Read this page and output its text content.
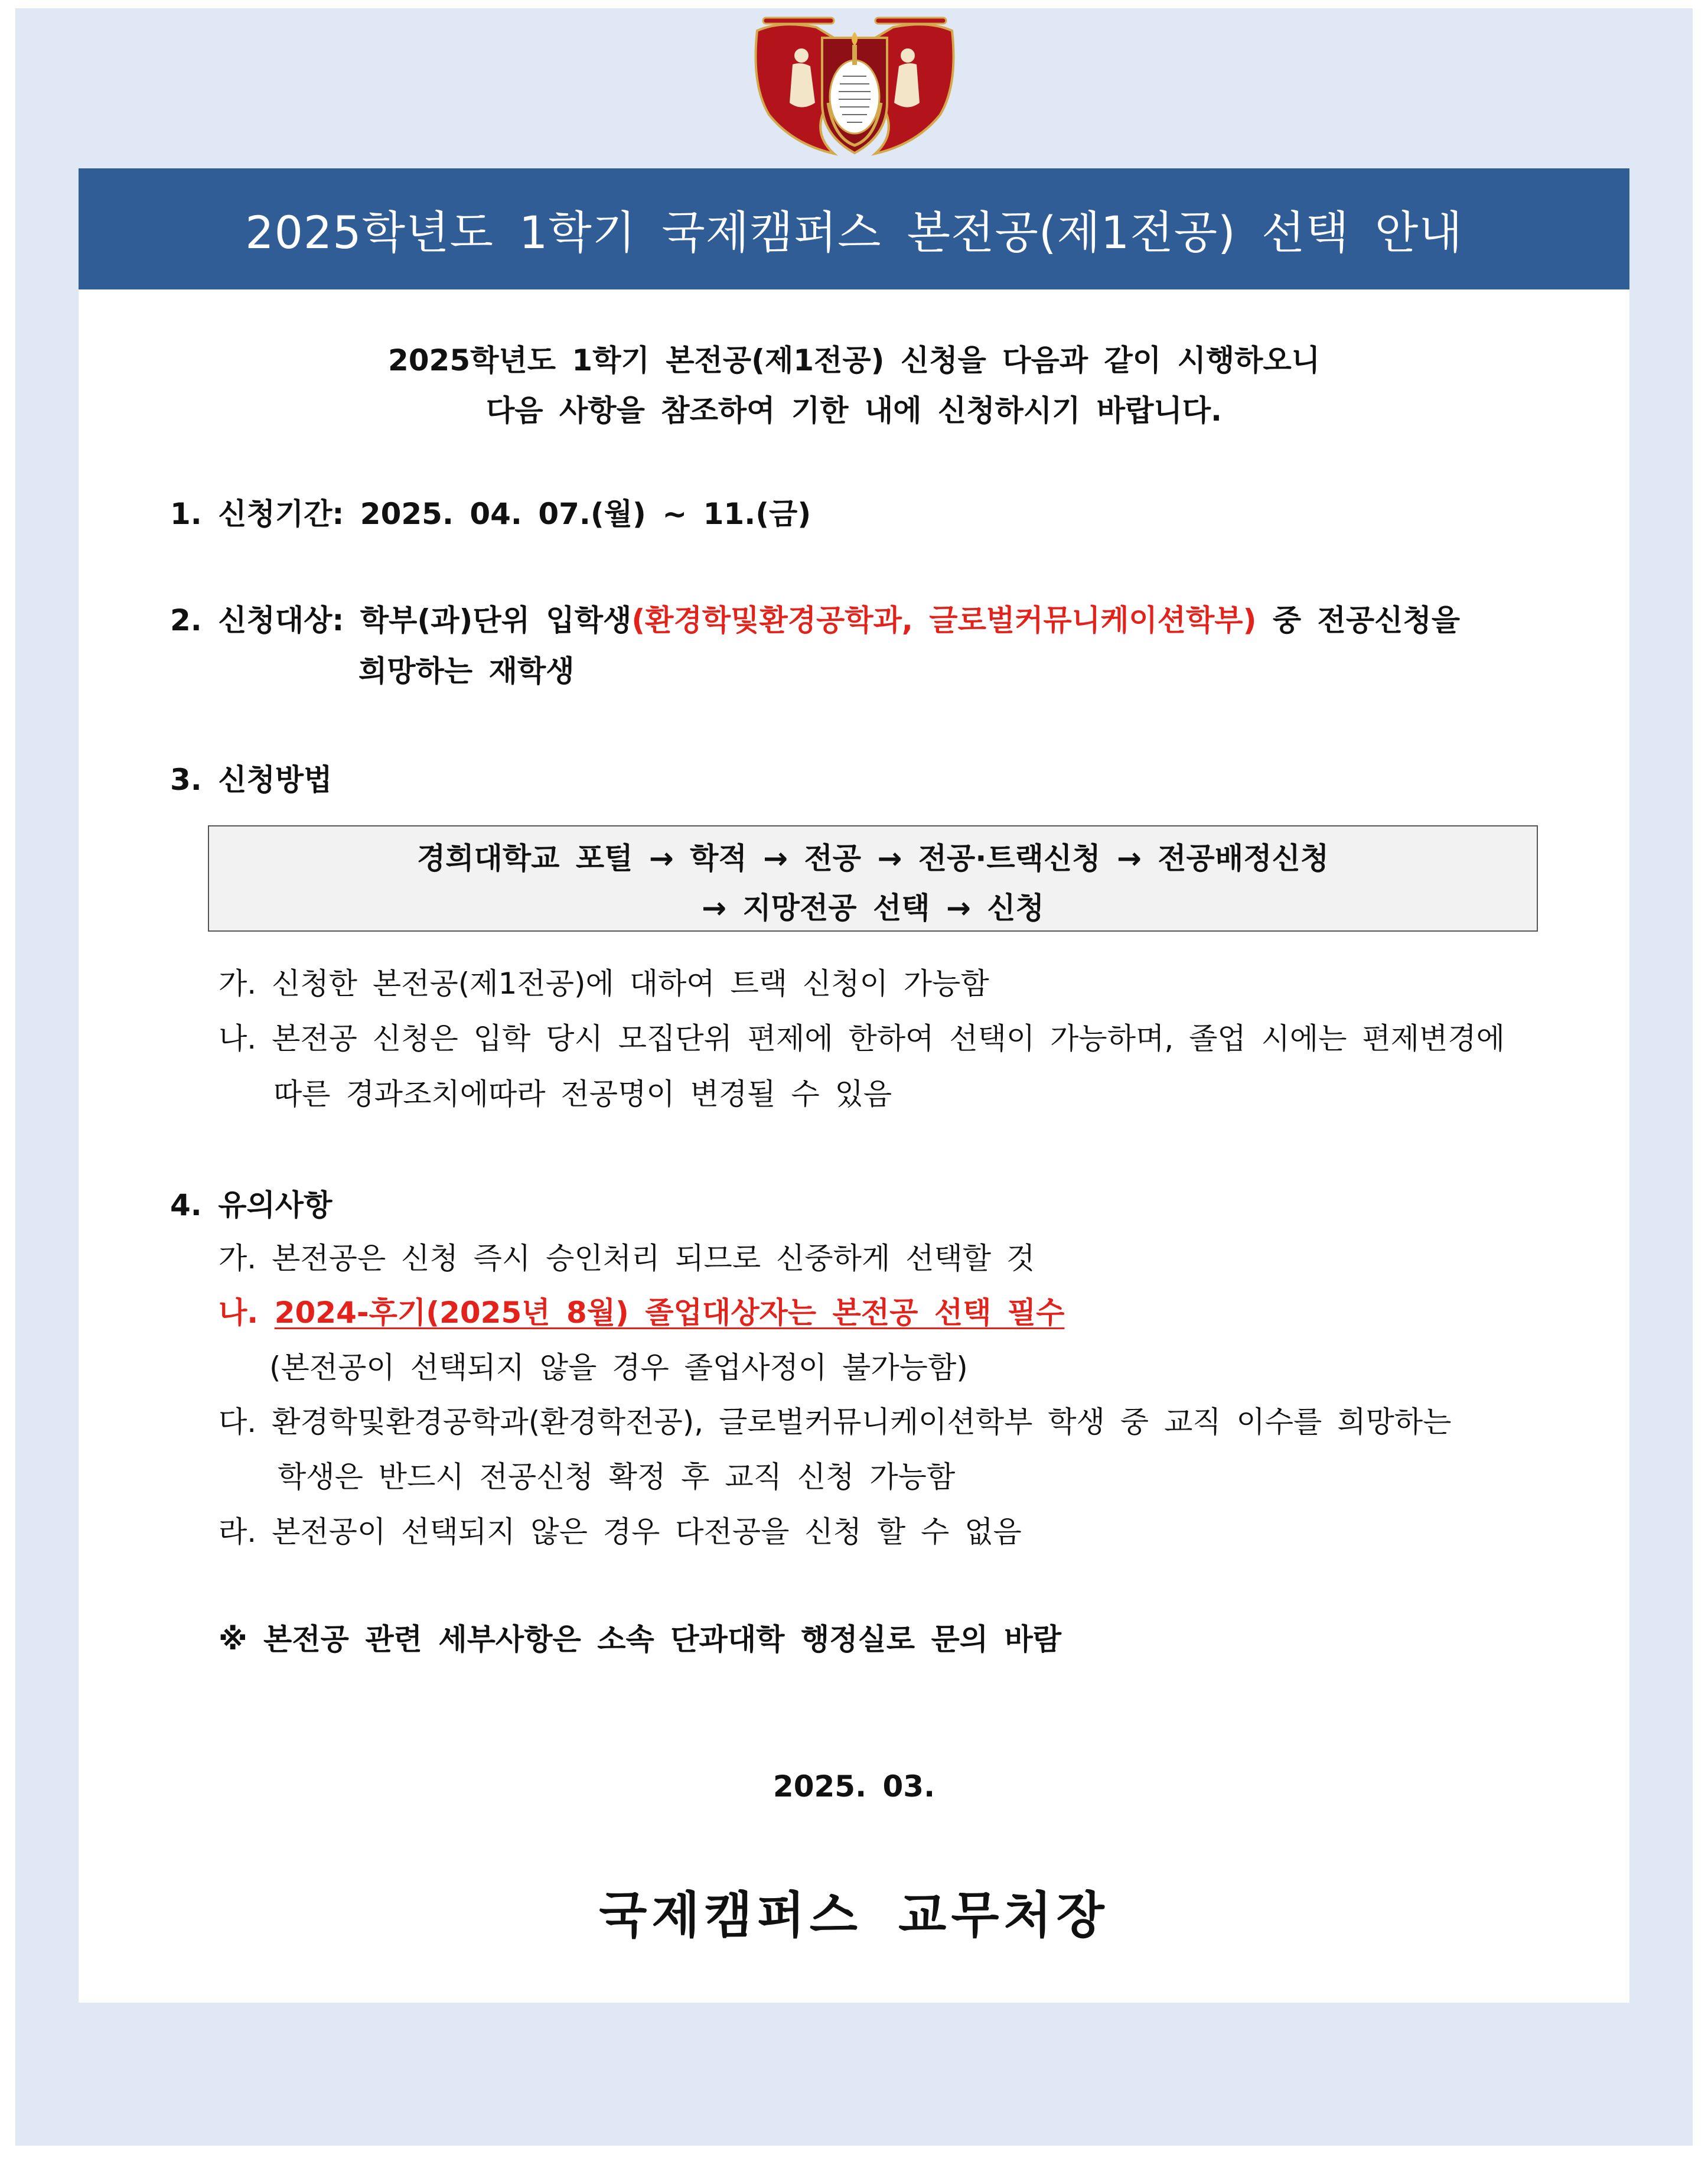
2025학년도 1학기 국제캠퍼스 본전공(제1전공) 선택 안내
2025학년도 1학기 본전공(제1전공) 신청을 다음과 같이 시행하오니
다음 사항을 참조하여 기한 내에 신청하시기 바랍니다.
1. 신청기간: 2025. 04. 07.(월) ~ 11.(금)
2. 신청대상: 학부(과)단위 입학생(환경학및환경공학과, 글로벌커뮤니케이션학부) 중 전공신청을
희망하는 재학생
3. 신청방법
경희대학교 포털 → 학적 → 전공 → 전공·트랙신청 → 전공배정신청
→ 지망전공 선택 → 신청
가. 신청한 본전공(제1전공)에 대하여 트랙 신청이 가능함
나. 본전공 신청은 입학 당시 모집단위 편제에 한하여 선택이 가능하며, 졸업 시에는 편제변경에
따른 경과조치에따라 전공명이 변경될 수 있음
4. 유의사항
가. 본전공은 신청 즉시 승인처리 되므로 신중하게 선택할 것
나. 2024-후기(2025년 8월) 졸업대상자는 본전공 선택 필수
(본전공이 선택되지 않을 경우 졸업사정이 불가능함)
다. 환경학및환경공학과(환경학전공), 글로벌커뮤니케이션학부 학생 중 교직 이수를 희망하는
학생은 반드시 전공신청 확정 후 교직 신청 가능함
라. 본전공이 선택되지 않은 경우 다전공을 신청 할 수 없음
※ 본전공 관련 세부사항은 소속 단과대학 행정실로 문의 바람
2025. 03.
국제캠퍼스 교무처장
